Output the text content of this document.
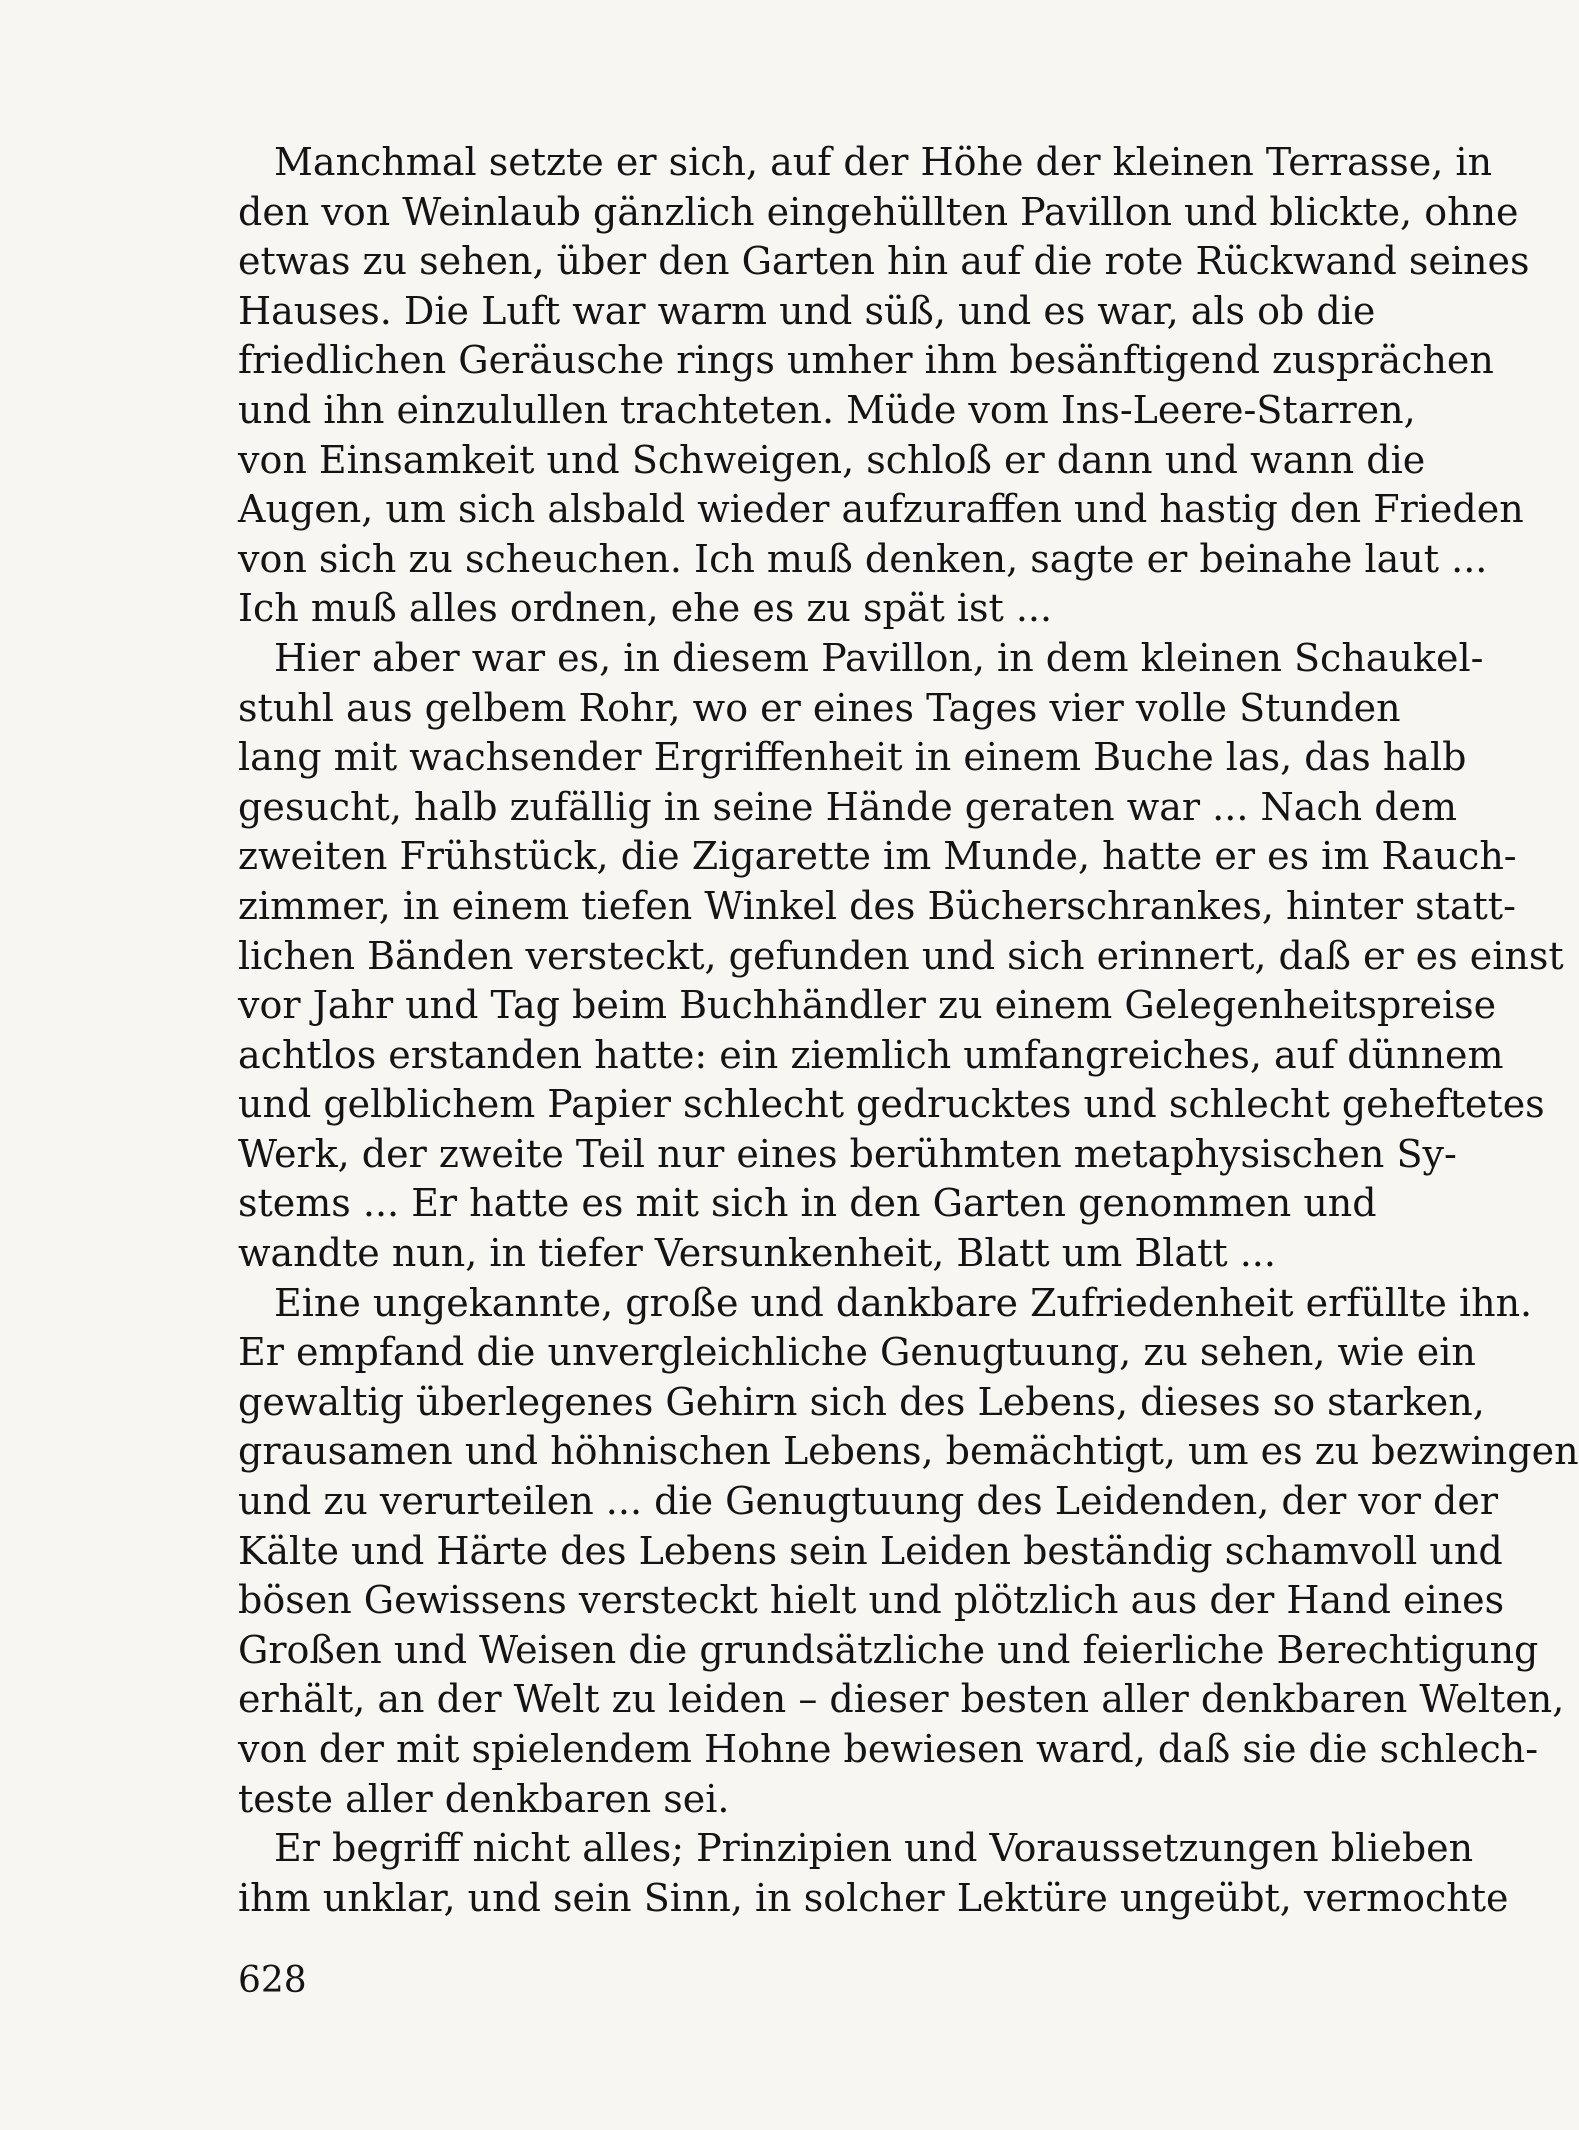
Manchmal setzte er sich, auf der Höhe der kleinen Terrasse, in
den von Weinlaub gänzlich eingehüllten Pavillon und blickte, ohne
etwas zu sehen, über den Garten hin auf die rote Rückwand seines
Hauses. Die Luft war warm und süß, und es war, als ob die
friedlichen Geräusche rings umher ihm besänftigend zusprächen
und ihn einzulullen trachteten. Müde vom Ins-Leere-Starren,
von Einsamkeit und Schweigen, schloß er dann und wann die
Augen, um sich alsbald wieder aufzuraffen und hastig den Frieden
von sich zu scheuchen. Ich muß denken, sagte er beinahe laut ...
Ich muß alles ordnen, ehe es zu spät ist ...
Hier aber war es, in diesem Pavillon, in dem kleinen Schaukel-
stuhl aus gelbem Rohr, wo er eines Tages vier volle Stunden
lang mit wachsender Ergriffenheit in einem Buche las, das halb
gesucht, halb zufällig in seine Hände geraten war ... Nach dem
zweiten Frühstück, die Zigarette im Munde, hatte er es im Rauch-
zimmer, in einem tiefen Winkel des Bücherschrankes, hinter statt-
lichen Bänden versteckt, gefunden und sich erinnert, daß er es einst
vor Jahr und Tag beim Buchhändler zu einem Gelegenheitspreise
achtlos erstanden hatte: ein ziemlich umfangreiches, auf dünnem
und gelblichem Papier schlecht gedrucktes und schlecht geheftetes
Werk, der zweite Teil nur eines berühmten metaphysischen Sy-
stems ... Er hatte es mit sich in den Garten genommen und
wandte nun, in tiefer Versunkenheit, Blatt um Blatt ...
Eine ungekannte, große und dankbare Zufriedenheit erfüllte ihn.
Er empfand die unvergleichliche Genugtuung, zu sehen, wie ein
gewaltig überlegenes Gehirn sich des Lebens, dieses so starken,
grausamen und höhnischen Lebens, bemächtigt, um es zu bezwingen
und zu verurteilen ... die Genugtuung des Leidenden, der vor der
Kälte und Härte des Lebens sein Leiden beständig schamvoll und
bösen Gewissens versteckt hielt und plötzlich aus der Hand eines
Großen und Weisen die grundsätzliche und feierliche Berechtigung
erhält, an der Welt zu leiden – dieser besten aller denkbaren Welten,
von der mit spielendem Hohne bewiesen ward, daß sie die schlech-
teste aller denkbaren sei.
Er begriff nicht alles; Prinzipien und Voraussetzungen blieben
ihm unklar, und sein Sinn, in solcher Lektüre ungeübt, vermochte
628
